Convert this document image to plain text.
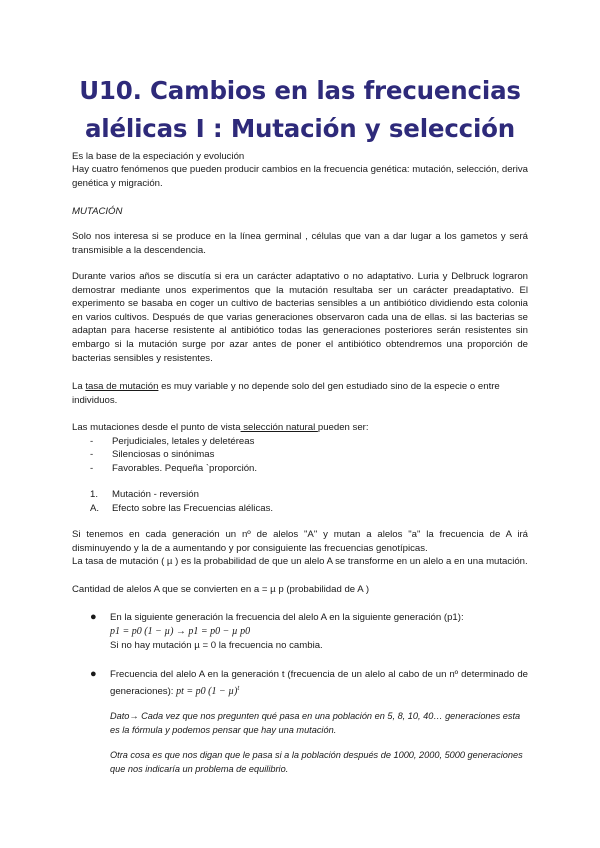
U10. Cambios en las frecuencias
alélicas I : Mutación y selección

Es la base de la especiación y evolución

Hay cuatro fenómenos que pueden producir cambios en la frecuencia genética: mutación, selección, deriva genética y migración.

MUTACIÓN

Solo nos interesa si se produce en la línea germinal , células que van a dar lugar a los gametos y será transmisible a la descendencia.

Durante varios años se discutía si era un carácter adaptativo o no adaptativo. Luria y Delbruck lograron demostrar mediante unos experimentos que la mutación resultaba ser un carácter preadaptativo. El experimento se basaba en coger un cultivo de bacterias sensibles a un antibiótico dividiendo esta colonia en varios cultivos. Después de que varias generaciones observaron cada una de ellas. si las bacterias se adaptan para hacerse resistente al antibiótico todas las generaciones posteriores serán resistentes sin embargo si la mutación surge por azar antes de poner el antibiótico obtendremos una proporción de bacterias sensibles y resistentes.

La tasa de mutación es muy variable y no depende solo del gen estudiado sino de la especie o entre individuos.

Las mutaciones desde el punto de vista selección natural pueden ser:

- Perjudiciales, letales y deletéreas
- Silenciosas o sinónimas
- Favorables. Pequeña `proporción.
1. Mutación - reversión
A. Efecto sobre las Frecuencias alélicas.

Si tenemos en cada generación un nº de alelos "A" y mutan a alelos "a" la frecuencia de A irá disminuyendo y la de a aumentando y por consiguiente las frecuencias genotípicas.

La tasa de mutación ( µ ) es la probabilidad de que un alelo A se transforme en un alelo a en una mutación.

Cantidad de alelos A que se convierten en a = µ p (probabilidad de A )

● En la siguiente generación la frecuencia del alelo A en la siguiente generación (p1):

p1 = p0 (1 − µ) → p1 = p0 − µ p0

Si no hay mutación µ = 0 la frecuencia no cambia.

● Frecuencia del alelo A en la generación t (frecuencia de un alelo al cabo de un nº determinado de generaciones): pt = p0 $(1 - \mu)^t$

Dato→ Cada vez que nos pregunten qué pasa en una población en 5, 8, 10, 40… generaciones esta es la fórmula y podemos pensar que hay una mutación.

Otra cosa es que nos digan que le pasa si a la población después de 1000, 2000, 5000 generaciones que nos indicaría un problema de equilibrio.
